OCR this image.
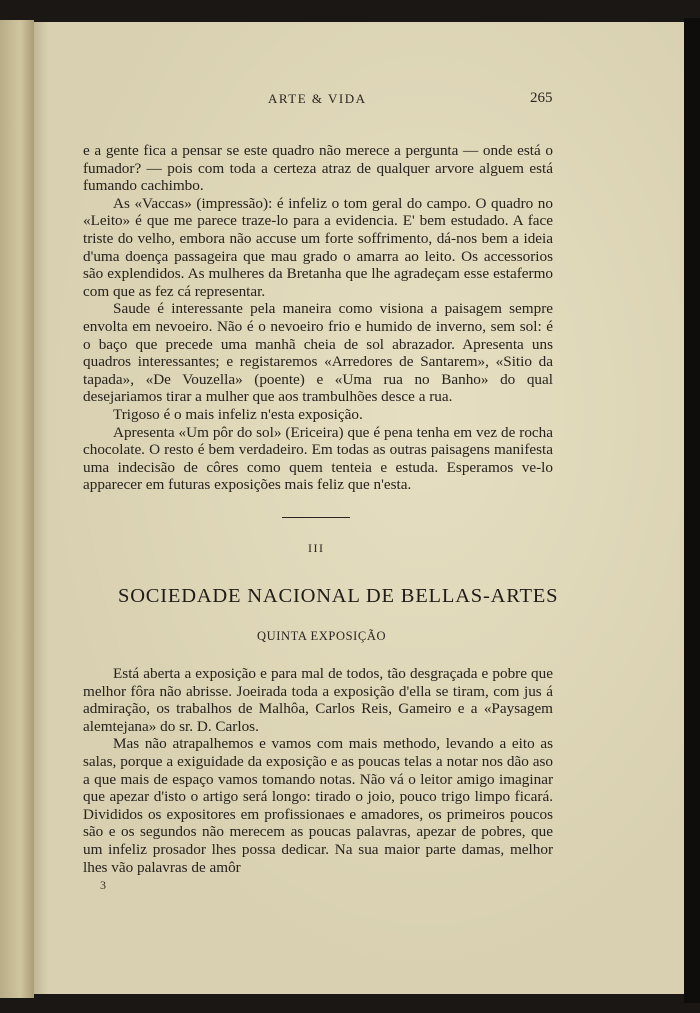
ARTE & VIDA	265

e a gente fica a pensar se este quadro não merece a pergunta — onde está o fumador? — pois com toda a certeza atraz de qualquer arvore alguem está fumando cachimbo.

As «Vaccas» (impressão): é infeliz o tom geral do campo. O quadro no «Leito» é que me parece traze-lo para a evidencia. E' bem estudado. A face triste do velho, embora não accuse um forte soffrimento, dá-nos bem a ideia d'uma doença passageira que mau grado o amarra ao leito. Os accessorios são explendidos. As mulheres da Bretanha que lhe agradeçam esse estafermo com que as fez cá representar.

Saude é interessante pela maneira como visiona a paisagem sempre envolta em nevoeiro. Não é o nevoeiro frio e humido de inverno, sem sol: é o baço que precede uma manhã cheia de sol abrazador. Apresenta uns quadros interessantes; e registaremos «Arredores de Santarem», «Sitio da tapada», «De Vouzella» (poente) e «Uma rua no Banho» do qual desejariamos tirar a mulher que aos trambulhões desce a rua.

Trigoso é o mais infeliz n'esta exposição.

Apresenta «Um pôr do sol» (Ericeira) que é pena tenha em vez de rocha chocolate. O resto é bem verdadeiro. Em todas as outras paisagens manifesta uma indecisão de côres como quem tenteia e estuda. Esperamos ve-lo apparecer em futuras exposições mais feliz que n'esta.

III
SOCIEDADE NACIONAL DE BELLAS-ARTES
QUINTA EXPOSIÇÃO

Está aberta a exposição e para mal de todos, tão desgraçada e pobre que melhor fôra não abrisse. Joeirada toda a exposição d'ella se tiram, com jus á admiração, os trabalhos de Malhôa, Carlos Reis, Gameiro e a «Paysagem alemtejana» do sr. D. Carlos.

Mas não atrapalhemos e vamos com mais methodo, levando a eito as salas, porque a exiguidade da exposição e as poucas telas a notar nos dão aso a que mais de espaço vamos tomando notas. Não vá o leitor amigo imaginar que apezar d'isto o artigo será longo: tirado o joio, pouco trigo limpo ficará. Divididos os expositores em profissionaes e amadores, os primeiros poucos são e os segundos não merecem as poucas palavras, apezar de pobres, que um infeliz prosador lhes possa dedicar. Na sua maior parte damas, melhor lhes vão palavras de amôr

3
